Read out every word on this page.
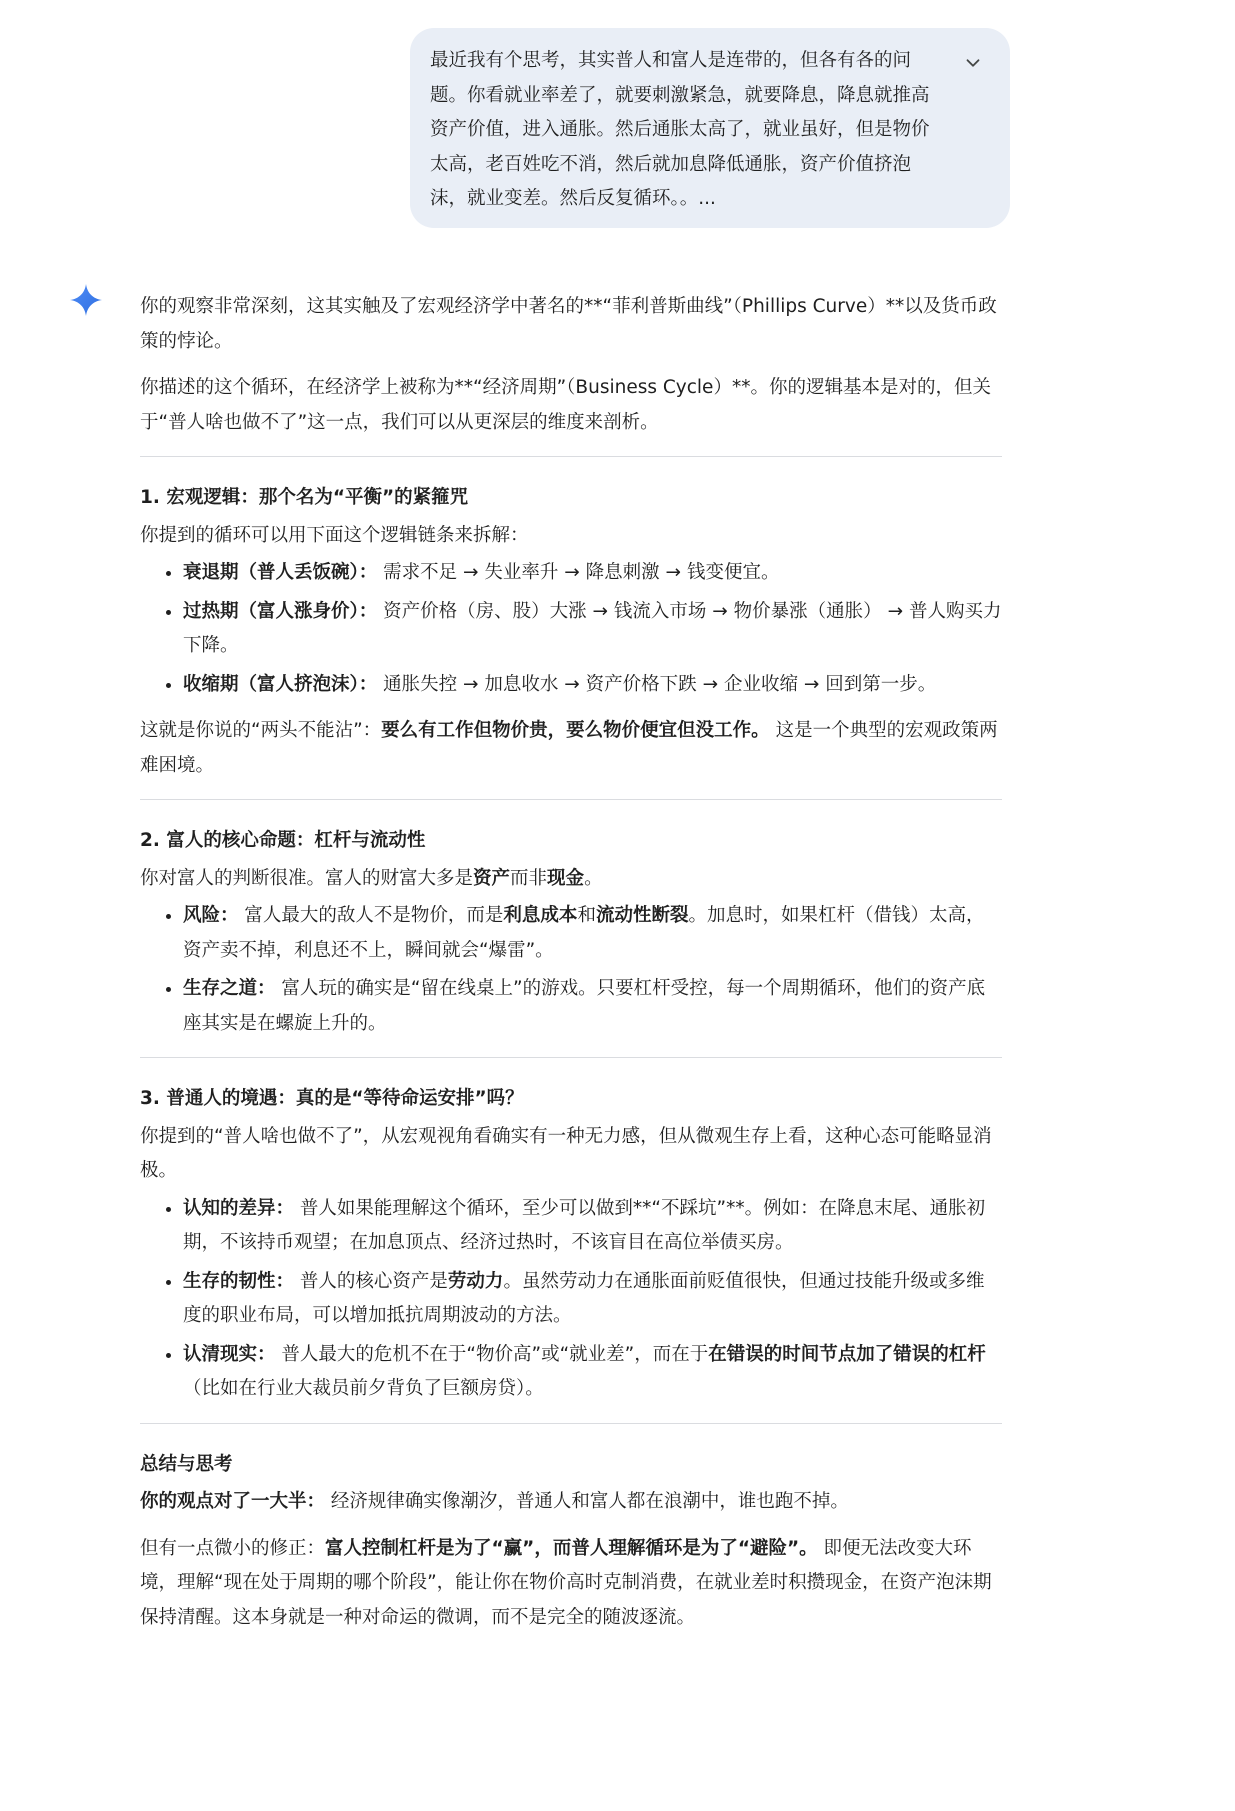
最近我有个思考，其实普人和富人是连带的，但各有各的问题。你看就业率差了，就要刺激紧急，就要降息，降息就推高资产价值，进入通胀。然后通胀太高了，就业虽好，但是物价太高，老百姓吃不消，然后就加息降低通胀，资产价值挤泡沫，就业变差。然后反复循环。。...

你的观察非常深刻，这其实触及了宏观经济学中著名的**“菲利普斯曲线”（Phillips Curve）**以及货币政策的悖论。

你描述的这个循环，在经济学上被称为**“经济周期”（Business Cycle）**。你的逻辑基本是对的，但关于“普人啥也做不了”这一点，我们可以从更深层的维度来剖析。

1. 宏观逻辑：那个名为“平衡”的紧箍咒

你提到的循环可以用下面这个逻辑链条来拆解：

• 衰退期（普人丢饭碗）： 需求不足 → 失业率升 → 降息刺激 → 钱变便宜。
• 过热期（富人涨身价）： 资产价格（房、股）大涨 → 钱流入市场 → 物价暴涨（通胀） → 普人购买力下降。
• 收缩期（富人挤泡沫）： 通胀失控 → 加息收水 → 资产价格下跌 → 企业收缩 → 回到第一步。

这就是你说的“两头不能沾”：要么有工作但物价贵，要么物价便宜但没工作。 这是一个典型的宏观政策两难困境。

2. 富人的核心命题：杠杆与流动性

你对富人的判断很准。富人的财富大多是资产而非现金。

• 风险： 富人最大的敌人不是物价，而是利息成本和流动性断裂。加息时，如果杠杆（借钱）太高，资产卖不掉，利息还不上，瞬间就会“爆雷”。
• 生存之道： 富人玩的确实是“留在线桌上”的游戏。只要杠杆受控，每一个周期循环，他们的资产底座其实是在螺旋上升的。

3. 普通人的境遇：真的是“等待命运安排”吗？

你提到的“普人啥也做不了”，从宏观视角看确实有一种无力感，但从微观生存上看，这种心态可能略显消极。

• 认知的差异： 普人如果能理解这个循环，至少可以做到**“不踩坑”**。例如：在降息末尾、通胀初期，不该持币观望；在加息顶点、经济过热时，不该盲目在高位举债买房。
• 生存的韧性： 普人的核心资产是劳动力。虽然劳动力在通胀面前贬值很快，但通过技能升级或多维度的职业布局，可以增加抵抗周期波动的方法。
• 认清现实： 普人最大的危机不在于“物价高”或“就业差”，而在于在错误的时间节点加了错误的杠杆（比如在行业大裁员前夕背负了巨额房贷）。

总结与思考

你的观点对了一大半： 经济规律确实像潮汐，普通人和富人都在浪潮中，谁也跑不掉。

但有一点微小的修正：富人控制杠杆是为了“赢”，而普人理解循环是为了“避险”。 即便无法改变大环境，理解“现在处于周期的哪个阶段”，能让你在物价高时克制消费，在就业差时积攒现金，在资产泡沫期保持清醒。这本身就是一种对命运的微调，而不是完全的随波逐流。
